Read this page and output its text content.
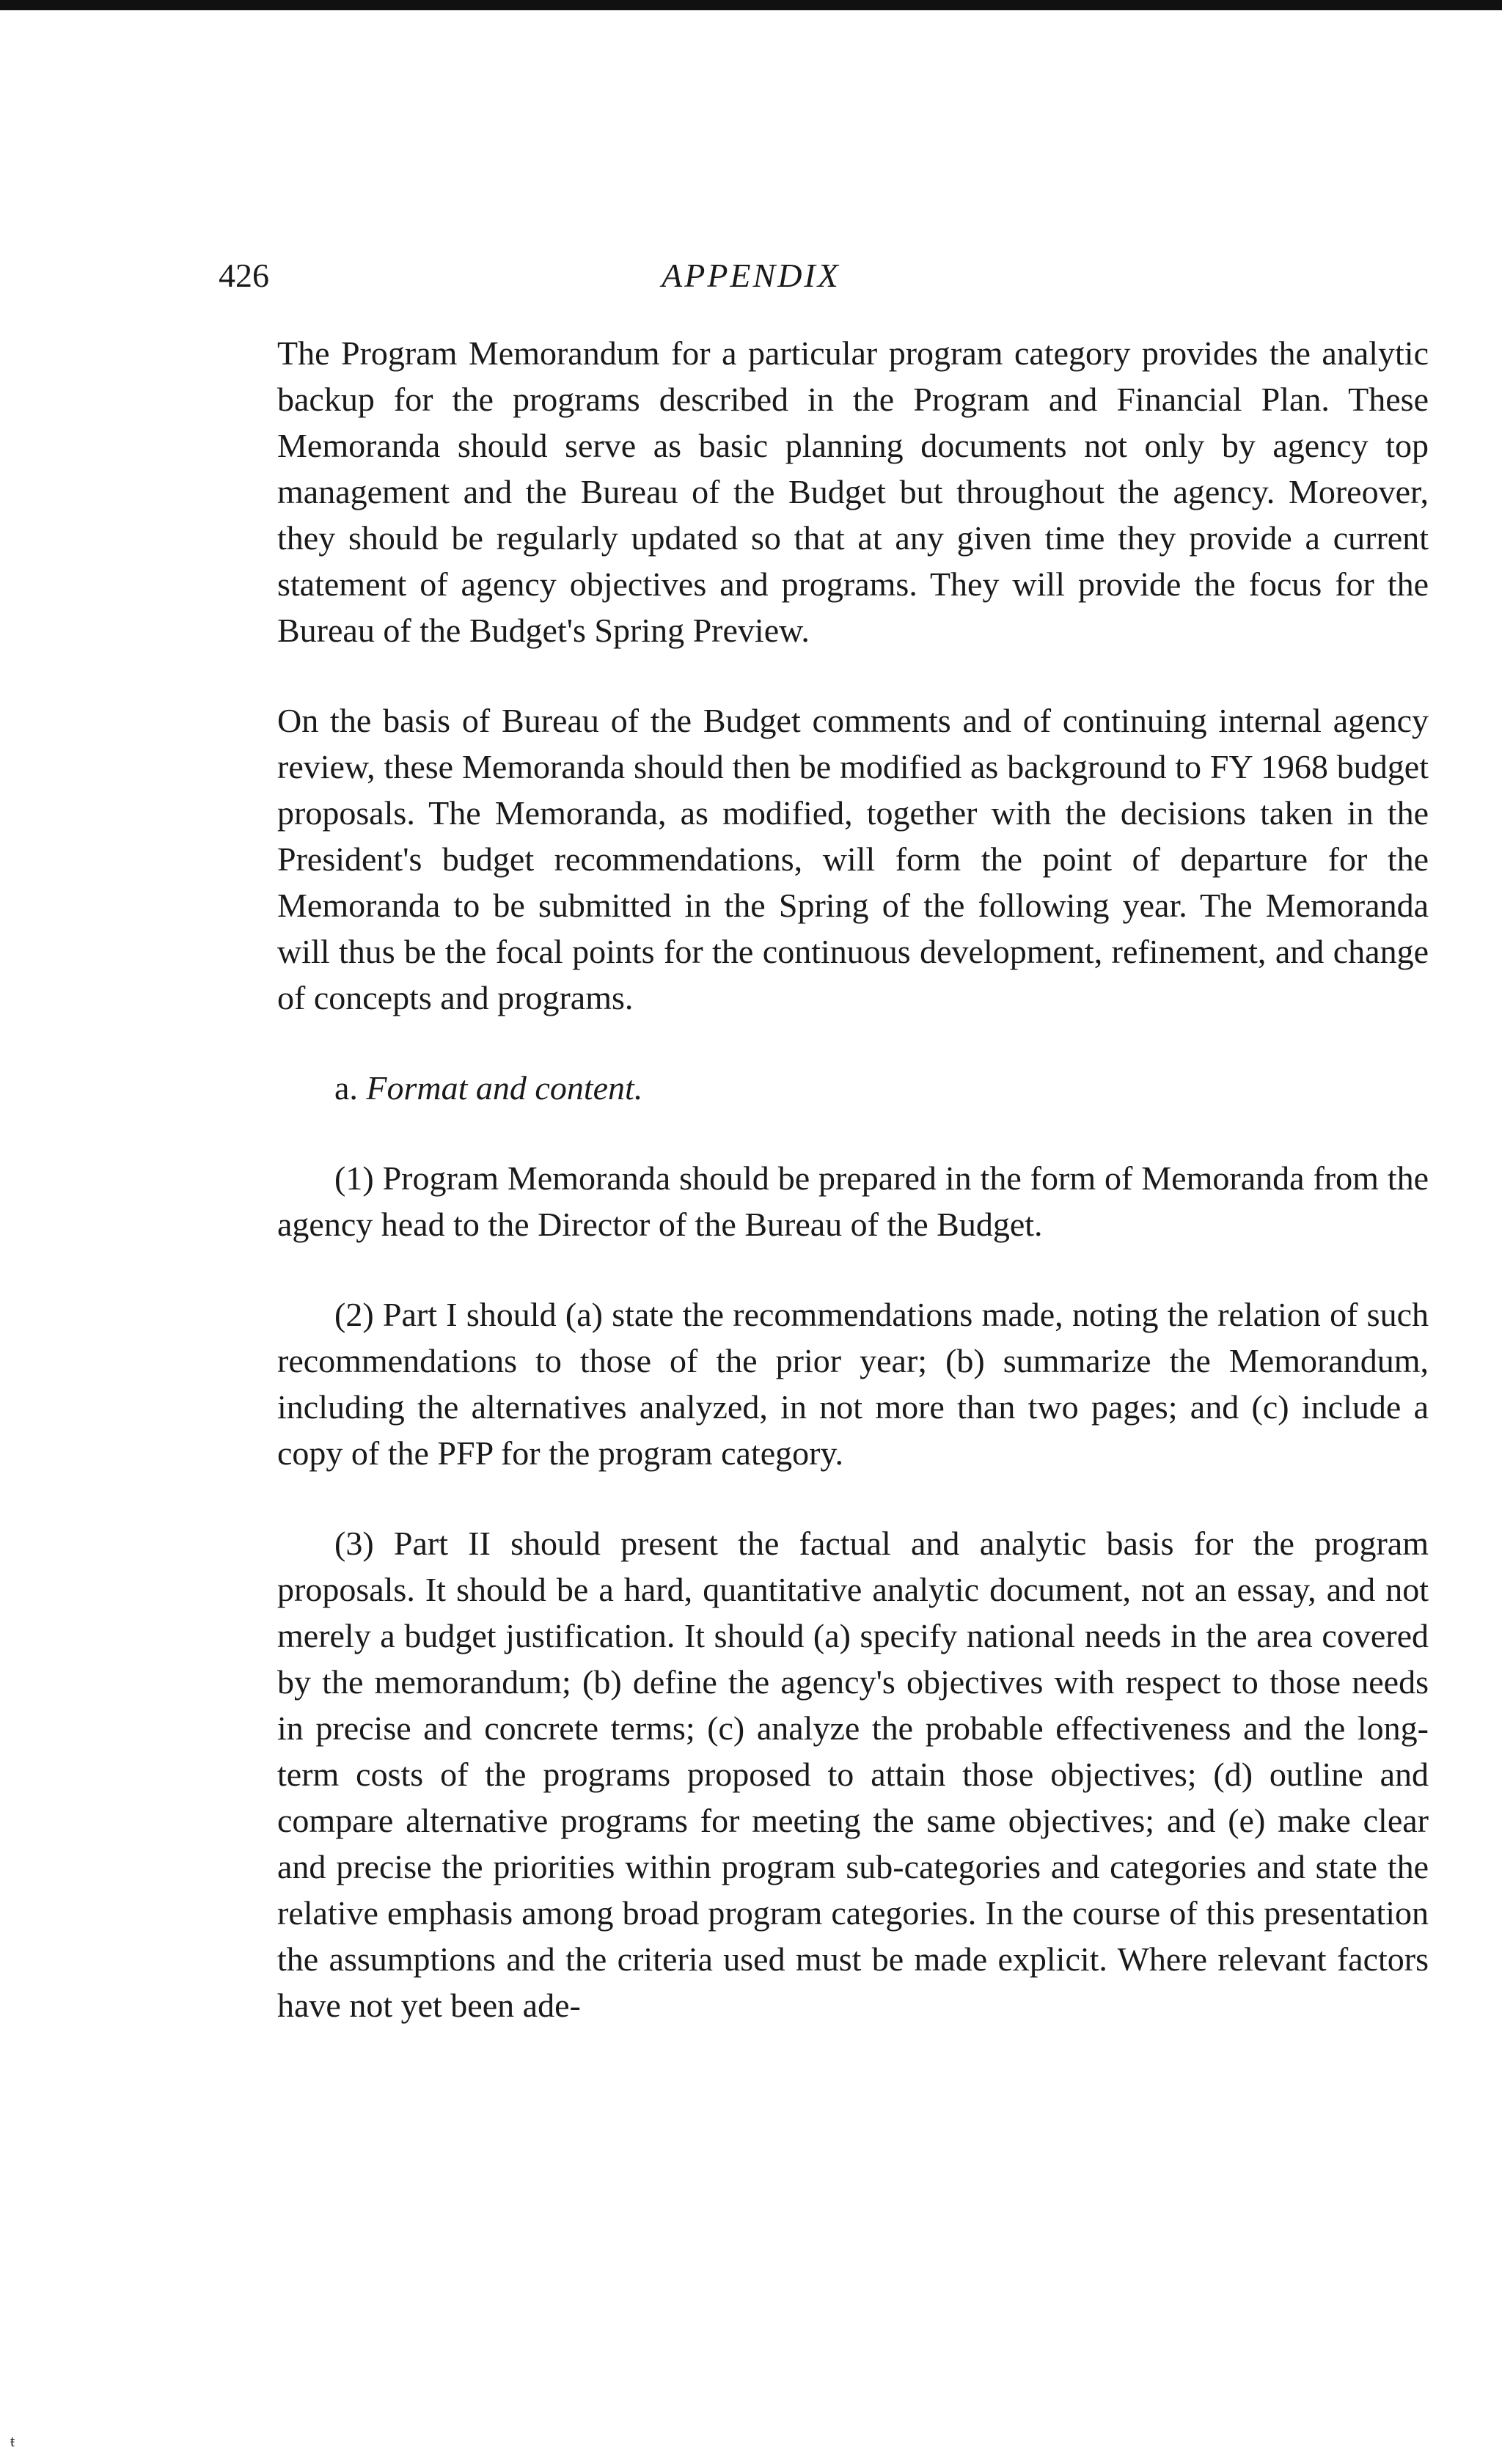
426	APPENDIX

The Program Memorandum for a particular program category provides the analytic backup for the programs described in the Program and Financial Plan. These Memoranda should serve as basic planning documents not only by agency top management and the Bureau of the Budget but throughout the agency. Moreover, they should be regularly updated so that at any given time they provide a current statement of agency objectives and programs. They will provide the focus for the Bureau of the Budget's Spring Preview.

On the basis of Bureau of the Budget comments and of continuing internal agency review, these Memoranda should then be modified as background to FY 1968 budget proposals. The Memoranda, as modified, together with the decisions taken in the President's budget recommendations, will form the point of departure for the Memoranda to be submitted in the Spring of the following year. The Memoranda will thus be the focal points for the continuous development, refinement, and change of concepts and programs.

a. Format and content.

(1) Program Memoranda should be prepared in the form of Memoranda from the agency head to the Director of the Bureau of the Budget.

(2) Part I should (a) state the recommendations made, noting the relation of such recommendations to those of the prior year; (b) summarize the Memorandum, including the alternatives analyzed, in not more than two pages; and (c) include a copy of the PFP for the program category.

(3) Part II should present the factual and analytic basis for the program proposals. It should be a hard, quantitative analytic document, not an essay, and not merely a budget justification. It should (a) specify national needs in the area covered by the memorandum; (b) define the agency's objectives with respect to those needs in precise and concrete terms; (c) analyze the probable effectiveness and the long-term costs of the programs proposed to attain those objectives; (d) outline and compare alternative programs for meeting the same objectives; and (e) make clear and precise the priorities within program sub-categories and categories and state the relative emphasis among broad program categories. In the course of this presentation the assumptions and the criteria used must be made explicit. Where relevant factors have not yet been ade-

ŧ
